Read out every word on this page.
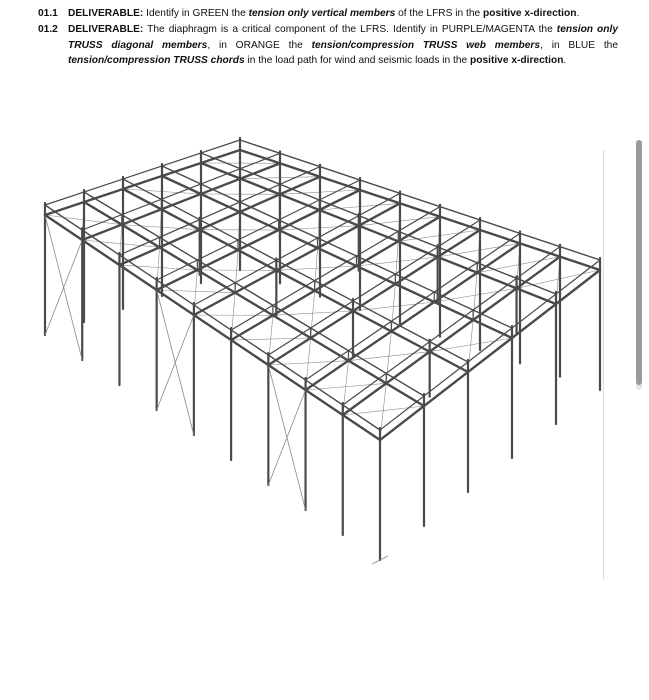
01.1 DELIVERABLE: Identify in GREEN the tension only vertical members of the LFRS in the positive x-direction.
01.2 DELIVERABLE: The diaphragm is a critical component of the LFRS. Identify in PURPLE/MAGENTA the tension only TRUSS diagonal members, in ORANGE the tension/compression TRUSS web members, in BLUE the tension/compression TRUSS chords in the load path for wind and seismic loads in the positive x-direction.
